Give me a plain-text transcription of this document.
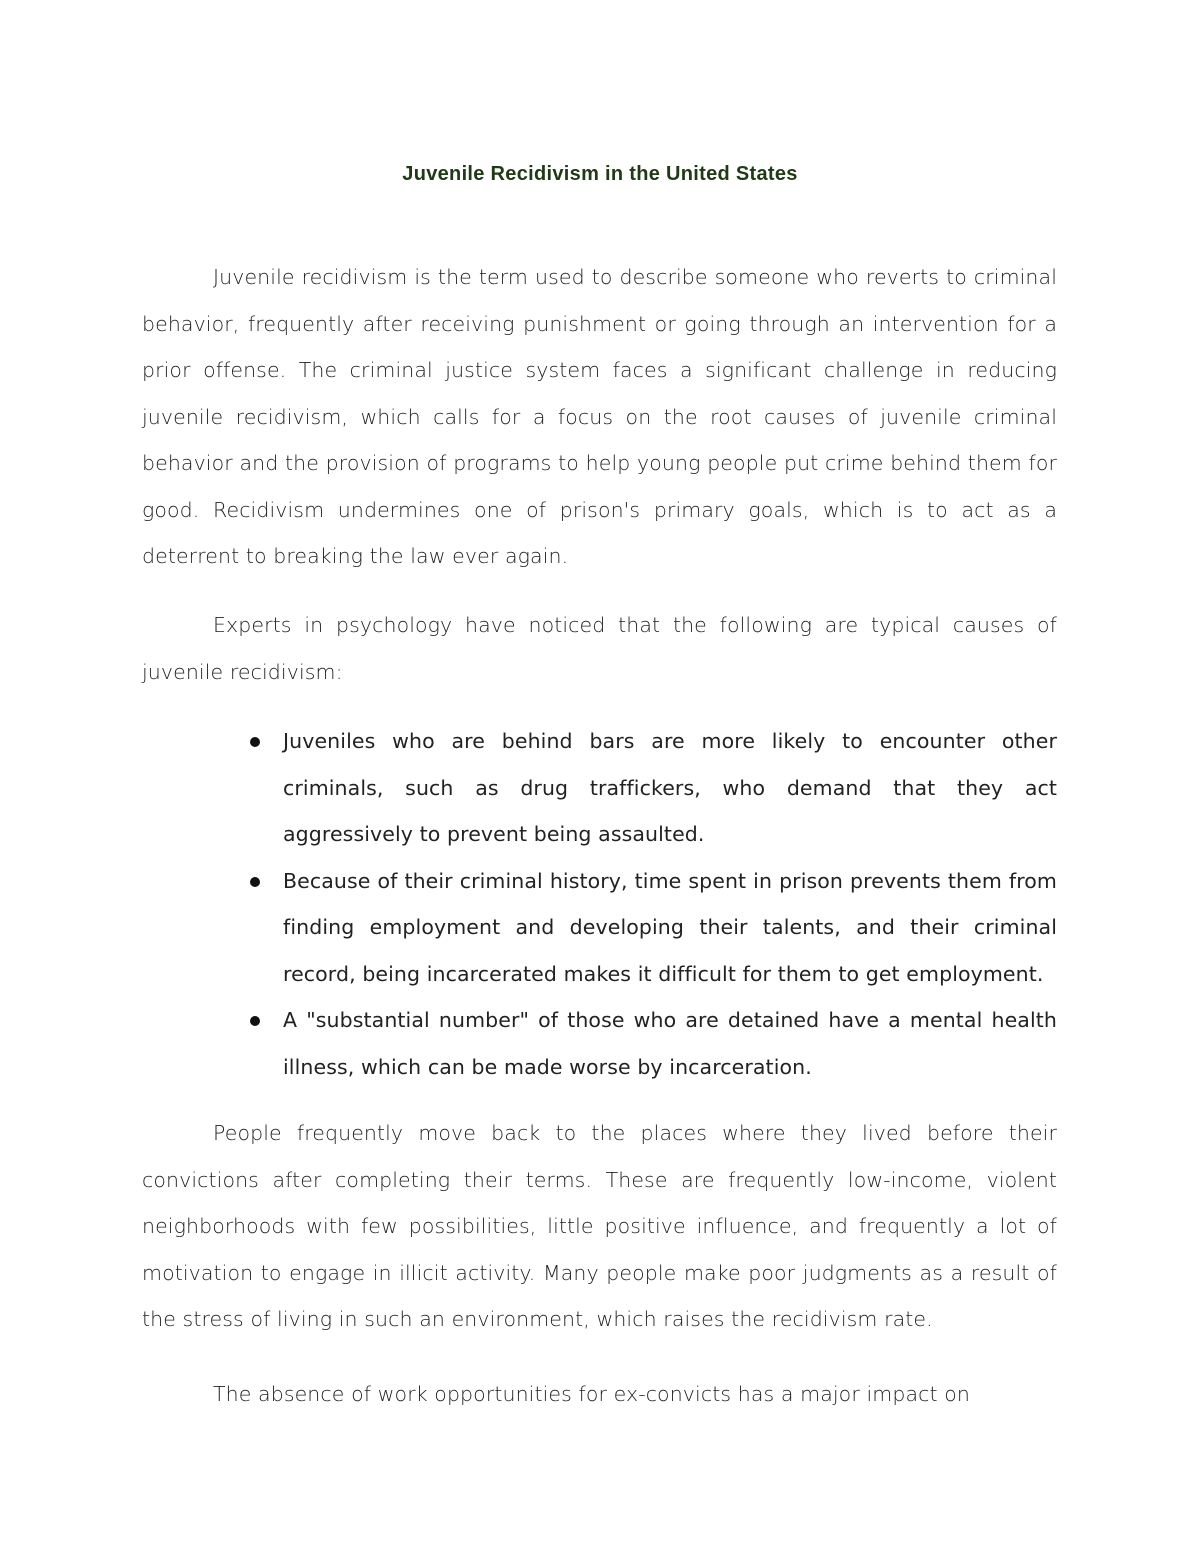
Juvenile Recidivism in the United States

Juvenile recidivism is the term used to describe someone who reverts to criminal behavior, frequently after receiving punishment or going through an intervention for a prior offense. The criminal justice system faces a significant challenge in reducing juvenile recidivism, which calls for a focus on the root causes of juvenile criminal behavior and the provision of programs to help young people put crime behind them for good. Recidivism undermines one of prison's primary goals, which is to act as a deterrent to breaking the law ever again.

Experts in psychology have noticed that the following are typical causes of juvenile recidivism:

Juveniles who are behind bars are more likely to encounter other criminals, such as drug traffickers, who demand that they act aggressively to prevent being assaulted.
Because of their criminal history, time spent in prison prevents them from finding employment and developing their talents, and their criminal record, being incarcerated makes it difficult for them to get employment.
A "substantial number" of those who are detained have a mental health illness, which can be made worse by incarceration.

People frequently move back to the places where they lived before their convictions after completing their terms. These are frequently low-income, violent neighborhoods with few possibilities, little positive influence, and frequently a lot of motivation to engage in illicit activity. Many people make poor judgments as a result of the stress of living in such an environment, which raises the recidivism rate.

The absence of work opportunities for ex-convicts has a major impact on
